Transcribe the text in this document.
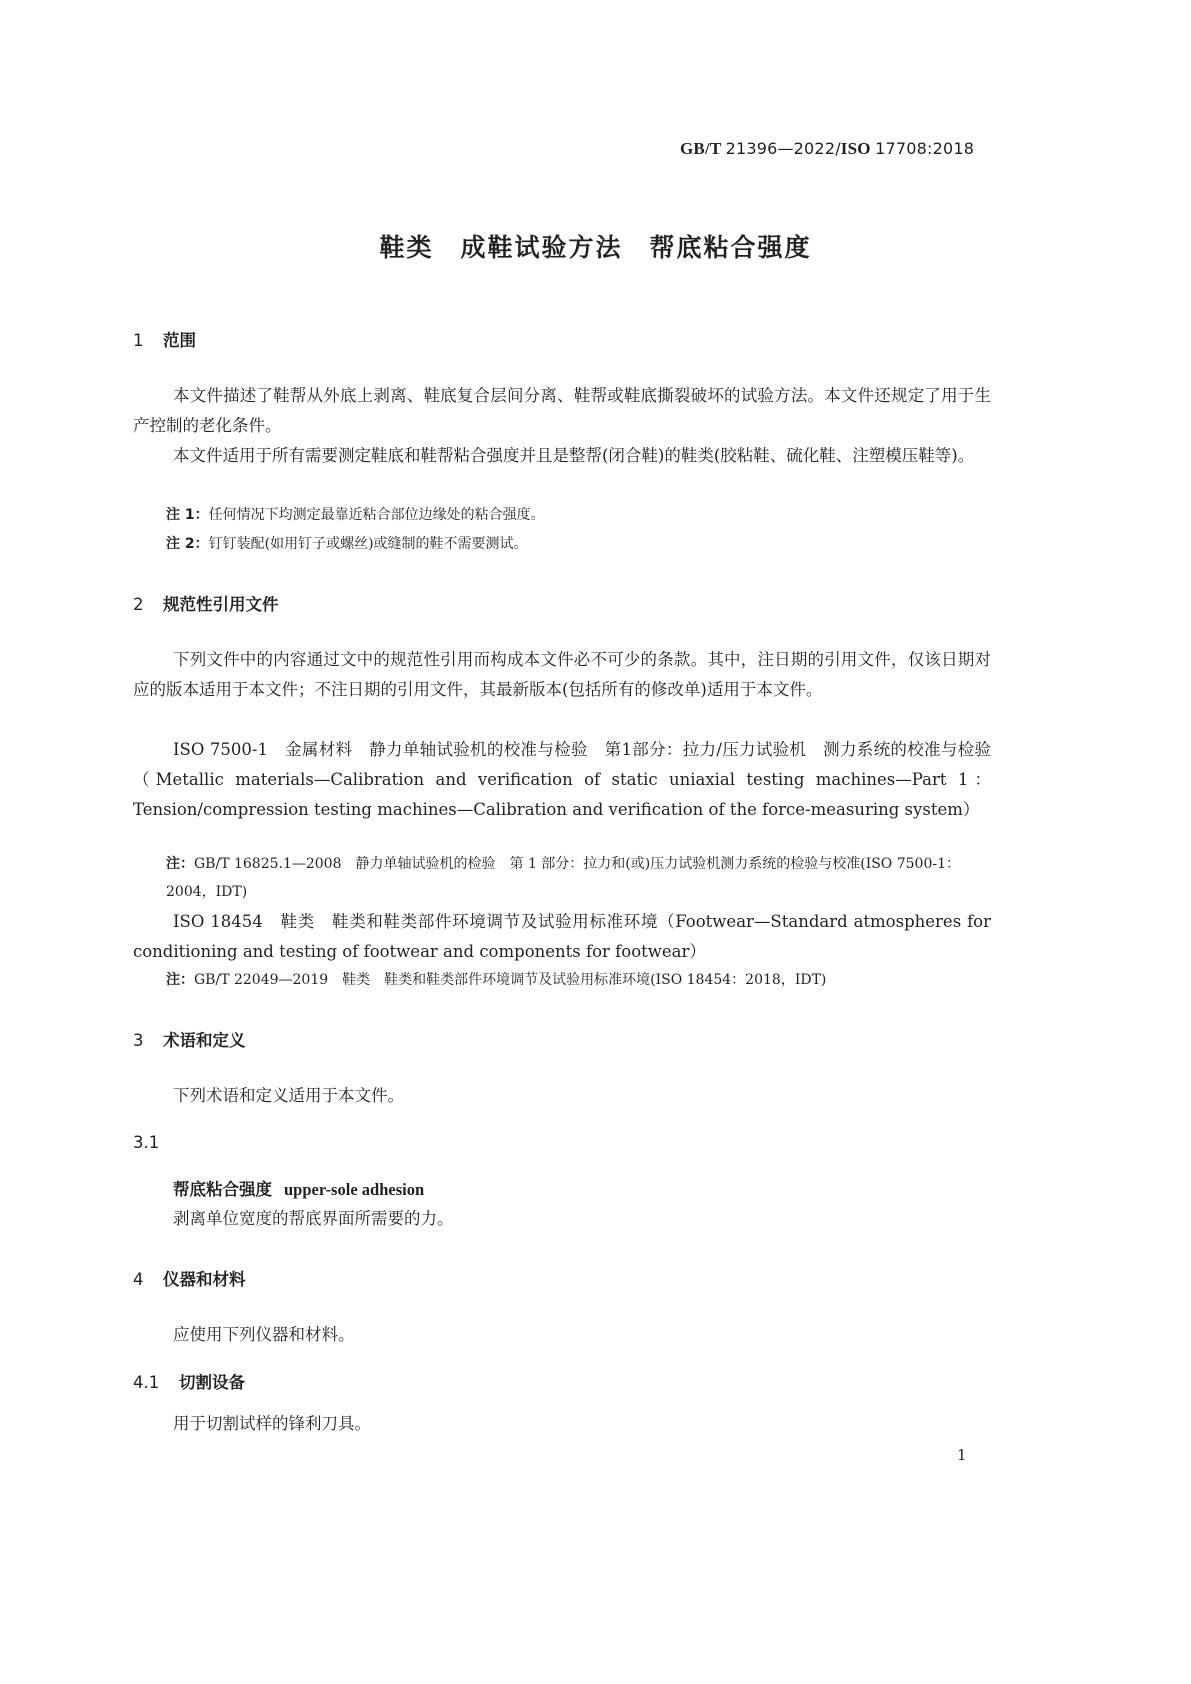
GB/T 21396—2022/ISO 17708:2018
鞋类　成鞋试验方法　帮底粘合强度
1 范围
本文件描述了鞋帮从外底上剥离、鞋底复合层间分离、鞋帮或鞋底撕裂破坏的试验方法。本文件还规定了用于生产控制的老化条件。
本文件适用于所有需要测定鞋底和鞋帮粘合强度并且是整帮(闭合鞋)的鞋类(胶粘鞋、硫化鞋、注塑模压鞋等)。
注 1：任何情况下均测定最靠近粘合部位边缘处的粘合强度。
注 2：钉钉装配(如用钉子或螺丝)或缝制的鞋不需要测试。
2 规范性引用文件
下列文件中的内容通过文中的规范性引用而构成本文件必不可少的条款。其中，注日期的引用文件，仅该日期对应的版本适用于本文件；不注日期的引用文件，其最新版本(包括所有的修改单)适用于本文件。
ISO 7500-1　金属材料　静力单轴试验机的校准与检验　第1部分：拉力/压力试验机　测力系统的校准与检验（Metallic materials—Calibration and verification of static uniaxial testing machines—Part 1：Tension/compression testing machines—Calibration and verification of the force-measuring system）
注：GB/T 16825.1—2008　静力单轴试验机的检验　第 1 部分：拉力和(或)压力试验机测力系统的检验与校准(ISO 7500-1：2004，IDT)
ISO 18454　鞋类　鞋类和鞋类部件环境调节及试验用标准环境（Footwear—Standard atmospheres for conditioning and testing of footwear and components for footwear）
注：GB/T 22049—2019　鞋类　鞋类和鞋类部件环境调节及试验用标准环境(ISO 18454：2018，IDT)
3 术语和定义
下列术语和定义适用于本文件。
3.1
帮底粘合强度 upper-sole adhesion
剥离单位宽度的帮底界面所需要的力。
4 仪器和材料
应使用下列仪器和材料。
4.1 切割设备
用于切割试样的锋利刀具。
1
